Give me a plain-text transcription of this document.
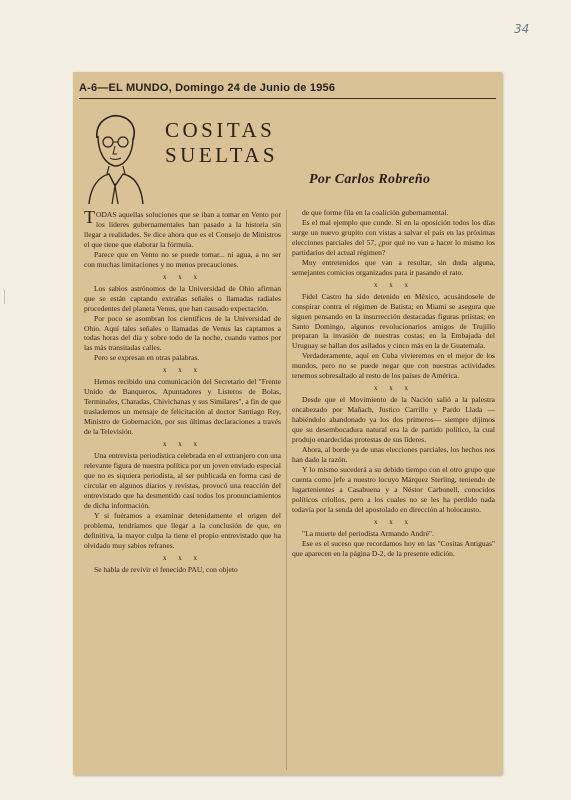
34
A-6—EL MUNDO, Domingo 24 de Junio de 1956
COSITAS SUELTAS
Por Carlos Robreño

TODAS aquellas soluciones que se iban a tomar en Vento por los líderes gubernamentales han pasado a la historia sin llegar a realidades. Se dice ahora que es el Consejo de Ministros el que tiene que elaborar la fórmula.

Parece que en Vento no se puede tomar... ni agua, a no ser con muchas limitaciones y no menos precauciones.

x x x

Los sabios astrónomos de la Universidad de Ohio afirman que se están captando extrañas señales o llamadas radiales procedentes del planeta Venus, que han causado expectación.

Por poco se asombran los científicos de la Universidad de Ohio. Aquí tales señales o llamadas de Venus las captamos a todas horas del día y sobre todo de la noche, cuando vamos por las más transitadas calles.

Pero se expresan en otras palabras.

x x x

Hemos recibido una comunicación del Secretario del "Frente Unido de Banqueros, Apuntadores y Listeros de Bolas, Terminales, Charadas, Chivichanas y sus Similares", a fin de que traslademos un mensaje de felicitación al doctor Santiago Rey, Ministro de Gobernación, por sus últimas declaraciones a través de la Televisión.

x x x

Una entrevista periodística celebrada en el extranjero con una relevante figura de nuestra política por un joven enviado especial que no es siquiera periodista, al ser publicada en forma casi de circular en algunos diarios y revistas, provocó una reacción del entrevistado que ha desmentido casi todos los pronunciamientos de dicha información.

Y si fuéramos a examinar detenidamente el origen del problema, tendríamos que llegar a la conclusión de que, en definitiva, la mayor culpa la tiene el propio entrevistado que ha olvidado muy sabios refranes.

x x x

Se habla de revivir el fenecido PAU, con objeto

de que forme fila en la coalición gubernamental.

Es el mal ejemplo que cunde. Si en la oposición todos los días surge un nuevo grupito con vistas a salvar el país en las próximas elecciones parciales del 57, ¿por qué no van a hacer lo mismo los partidarios del actual régimen?

Muy entretenidos que van a resultar, sin duda alguna, semejantes comicios organizados para ir pasando el rato.

x x x

Fidel Castro ha sido detenido en México, acusándosele de conspirar contra el régimen de Batista; en Miami se asegura que siguen pensando en la insurrección destacadas figuras priístas; en Santo Domingo, algunos revolucionarios amigos de Trujillo preparan la invasión de nuestras costas; en la Embajada del Uruguay se hallan dos asilados y cinco más en la de Guatemala.

Verdaderamente, aquí en Cuba vivieremos en el mejor de los mundos, pero no se puede negar que con nuestras actividades tenemos sobresaltado al resto de los países de América.

x x x

Desde que el Movimiento de la Nación salió a la palestra encabezado por Mañach, Justico Carrillo y Pardo Llada —habiéndolo abandonado ya los dos primeros— siempre dijimos que su desembocadura natural era la de partido político, la cual produjo enardecidas protestas de sus líderes.

Ahora, al borde ya de unas elecciones parciales, los hechos nos han dado la razón.

Y lo mismo sucederá a su debido tiempo con el otro grupo que cuenta como jefe a nuestro locuyo Márquez Sterling, teniendo de lugartenientes a Casabuena y a Néstor Carbonell, conocidos políticos criollos, pero a los cuales no se les ha perdido nada todavía por la senda del apostolado en dirección al holocausto.

x x x

"La muerte del periodista Armando André".

Ese es el suceso que recordamos hoy en las "Cositas Antiguas" que aparecen en la página D-2, de la presente edición.
